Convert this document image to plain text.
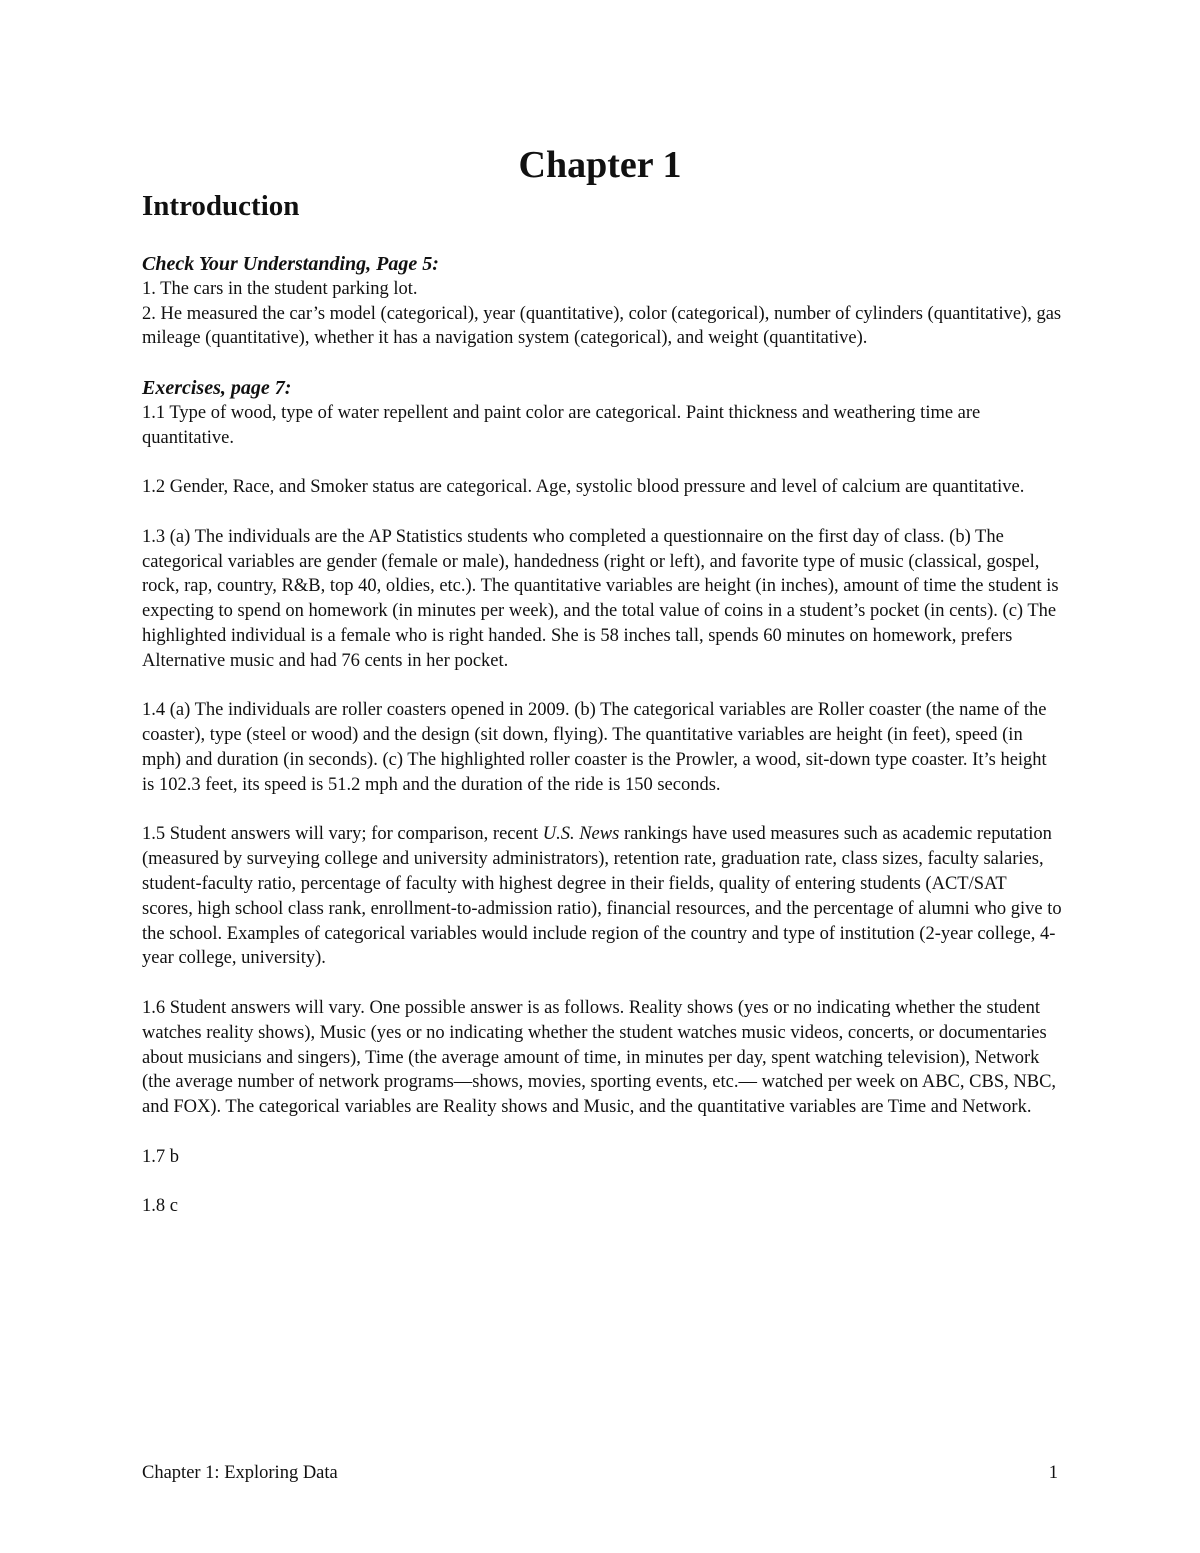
Chapter 1
Introduction

Check Your Understanding, Page 5:

1. The cars in the student parking lot.

2. He measured the car’s model (categorical), year (quantitative), color (categorical), number of cylinders (quantitative), gas mileage (quantitative), whether it has a navigation system (categorical), and weight (quantitative).

Exercises, page 7:

1.1 Type of wood, type of water repellent and paint color are categorical. Paint thickness and weathering time are quantitative.

1.2 Gender, Race, and Smoker status are categorical. Age, systolic blood pressure and level of calcium are quantitative.

1.3 (a) The individuals are the AP Statistics students who completed a questionnaire on the first day of class. (b) The categorical variables are gender (female or male), handedness (right or left), and favorite type of music (classical, gospel, rock, rap, country, R&B, top 40, oldies, etc.). The quantitative variables are height (in inches), amount of time the student is expecting to spend on homework (in minutes per week), and the total value of coins in a student’s pocket (in cents). (c) The highlighted individual is a female who is right handed. She is 58 inches tall, spends 60 minutes on homework, prefers Alternative music and had 76 cents in her pocket.

1.4 (a) The individuals are roller coasters opened in 2009. (b) The categorical variables are Roller coaster (the name of the coaster), type (steel or wood) and the design (sit down, flying). The quantitative variables are height (in feet), speed (in mph) and duration (in seconds). (c) The highlighted roller coaster is the Prowler, a wood, sit-down type coaster. It’s height is 102.3 feet, its speed is 51.2 mph and the duration of the ride is 150 seconds.

1.5 Student answers will vary; for comparison, recent U.S. News rankings have used measures such as academic reputation (measured by surveying college and university administrators), retention rate, graduation rate, class sizes, faculty salaries, student-faculty ratio, percentage of faculty with highest degree in their fields, quality of entering students (ACT/SAT

scores, high school class rank, enrollment-to-admission ratio), financial resources, and the percentage of alumni who give to the school. Examples of categorical variables would include region of the country and type of institution (2-year college, 4-year college, university).

1.6 Student answers will vary. One possible answer is as follows. Reality shows (yes or no indicating whether the student watches reality shows), Music (yes or no indicating whether the student watches music videos, concerts, or documentaries about musicians and singers), Time (the average amount of time, in minutes per day, spent watching television), Network (the average number of network programs—shows, movies, sporting events, etc.— watched per week on ABC, CBS, NBC, and FOX). The categorical variables are Reality shows and Music, and the quantitative variables are Time and Network.

1.7 b

1.8 c

Chapter 1: Exploring Data	1
